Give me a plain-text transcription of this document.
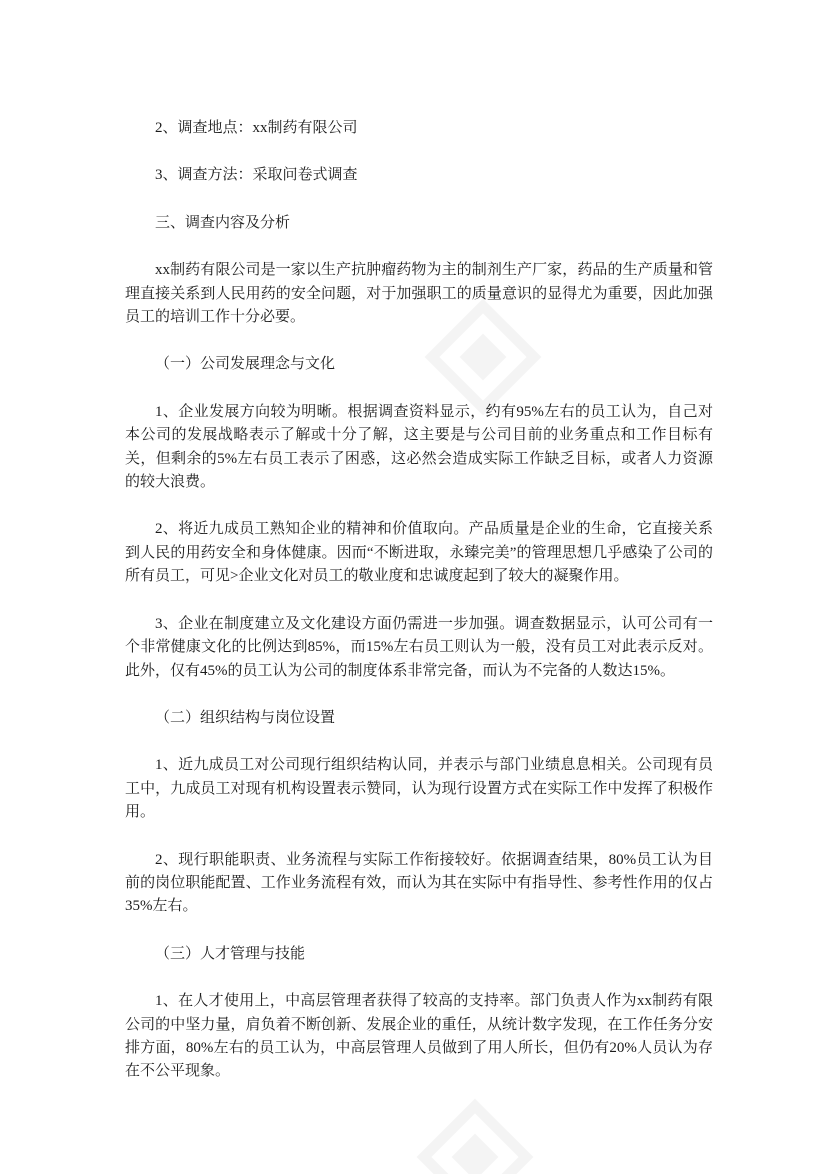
2、调查地点：xx制药有限公司

3、调查方法：采取问卷式调查

三、调查内容及分析

xx制药有限公司是一家以生产抗肿瘤药物为主的制剂生产厂家，药品的生产质量和管理直接关系到人民用药的安全问题，对于加强职工的质量意识的显得尤为重要，因此加强员工的培训工作十分必要。

（一）公司发展理念与文化

1、企业发展方向较为明晰。根据调查资料显示，约有95%左右的员工认为，自己对本公司的发展战略表示了解或十分了解，这主要是与公司目前的业务重点和工作目标有关，但剩余的5%左右员工表示了困惑，这必然会造成实际工作缺乏目标，或者人力资源的较大浪费。

2、将近九成员工熟知企业的精神和价值取向。产品质量是企业的生命，它直接关系到人民的用药安全和身体健康。因而“不断进取，永臻完美”的管理思想几乎感染了公司的所有员工，可见>企业文化对员工的敬业度和忠诚度起到了较大的凝聚作用。

3、企业在制度建立及文化建设方面仍需进一步加强。调查数据显示，认可公司有一个非常健康文化的比例达到85%，而15%左右员工则认为一般，没有员工对此表示反对。此外，仅有45%的员工认为公司的制度体系非常完备，而认为不完备的人数达15%。

（二）组织结构与岗位设置

1、近九成员工对公司现行组织结构认同，并表示与部门业绩息息相关。公司现有员工中，九成员工对现有机构设置表示赞同，认为现行设置方式在实际工作中发挥了积极作用。

2、现行职能职责、业务流程与实际工作衔接较好。依据调查结果，80%员工认为目前的岗位职能配置、工作业务流程有效，而认为其在实际中有指导性、参考性作用的仅占35%左右。

（三）人才管理与技能

1、在人才使用上，中高层管理者获得了较高的支持率。部门负责人作为xx制药有限公司的中坚力量，肩负着不断创新、发展企业的重任，从统计数字发现，在工作任务分安排方面，80%左右的员工认为，中高层管理人员做到了用人所长，但仍有20%人员认为存在不公平现象。
